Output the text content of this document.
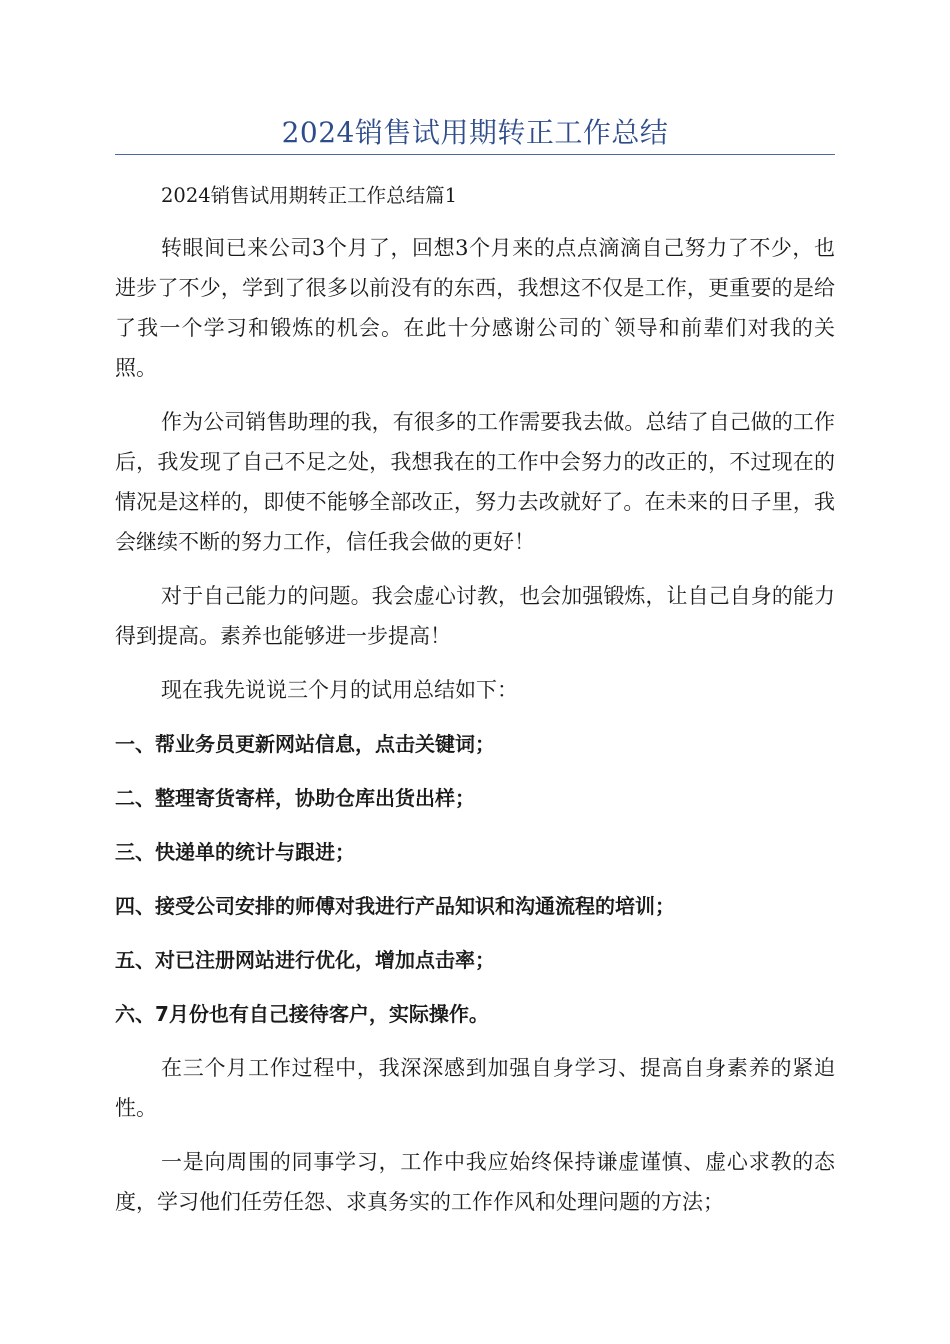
2024销售试用期转正工作总结

2024销售试用期转正工作总结篇1

转眼间已来公司3个月了，回想3个月来的点点滴滴自己努力了不少，也进步了不少，学到了很多以前没有的东西，我想这不仅是工作，更重要的是给了我一个学习和锻炼的机会。在此十分感谢公司的`领导和前辈们对我的关照。

作为公司销售助理的我，有很多的工作需要我去做。总结了自己做的工作后，我发现了自己不足之处，我想我在的工作中会努力的改正的，不过现在的情况是这样的，即使不能够全部改正，努力去改就好了。在未来的日子里，我会继续不断的努力工作，信任我会做的更好！

对于自己能力的问题。我会虚心讨教，也会加强锻炼，让自己自身的能力得到提高。素养也能够进一步提高！

现在我先说说三个月的试用总结如下：

一、帮业务员更新网站信息，点击关键词；

二、整理寄货寄样，协助仓库出货出样；

三、快递单的统计与跟进；

四、接受公司安排的师傅对我进行产品知识和沟通流程的培训；

五、对已注册网站进行优化，增加点击率；

六、7月份也有自己接待客户，实际操作。

在三个月工作过程中，我深深感到加强自身学习、提高自身素养的紧迫性。

一是向周围的同事学习，工作中我应始终保持谦虚谨慎、虚心求教的态度，学习他们任劳任怨、求真务实的工作作风和处理问题的方法；
